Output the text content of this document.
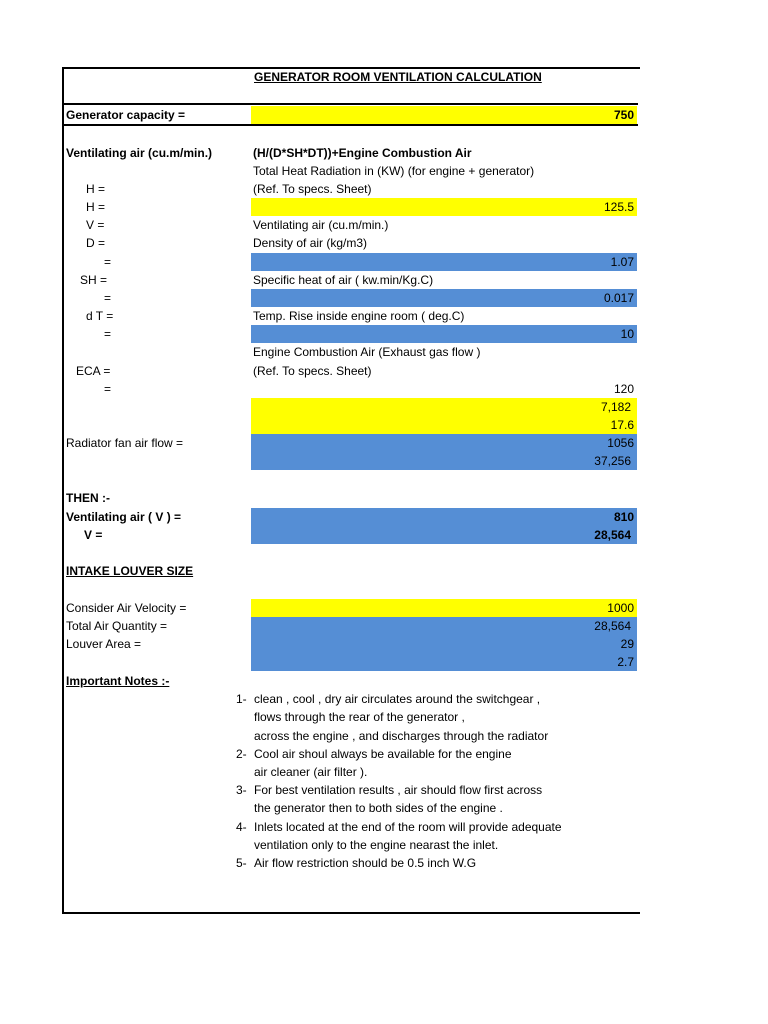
GENERATOR ROOM VENTILATION CALCULATION
Generator capacity =	750
Ventilating air (cu.m/min.)	(H/(D*SH*DT))+Engine Combustion Air
Total Heat Radiation in (KW) (for engine + generator)
H =	(Ref. To specs. Sheet)
H =	125.5
V =	Ventilating air (cu.m/min.)
D =	Density of air (kg/m3)
=	1.07
SH =	Specific heat of air ( kw.min/Kg.C)
=	0.017
d T =	Temp. Rise inside engine room ( deg.C)
=	10
Engine Combustion Air (Exhaust gas flow )
ECA =	(Ref. To specs. Sheet)
=	120
7,182
17.6
Radiator fan air flow =	1056
37,256
THEN :-
Ventilating air ( V ) =	810
V =	28,564
INTAKE LOUVER SIZE
Consider Air Velocity =	1000
Total Air Quantity =	28,564
Louver Area =	29
2.7
Important Notes :-
1- clean , cool , dry air circulates around the switchgear ,
flows through the rear of the generator ,
across the engine , and discharges through the radiator
2- Cool air shoul always be available for the engine
air cleaner (air filter ).
3- For best ventilation results , air should flow first across
the generator then to both sides of the engine .
4- Inlets located at the end of the room will provide adequate
ventilation only to the engine nearast the inlet.
5- Air flow restriction should be 0.5 inch W.G
